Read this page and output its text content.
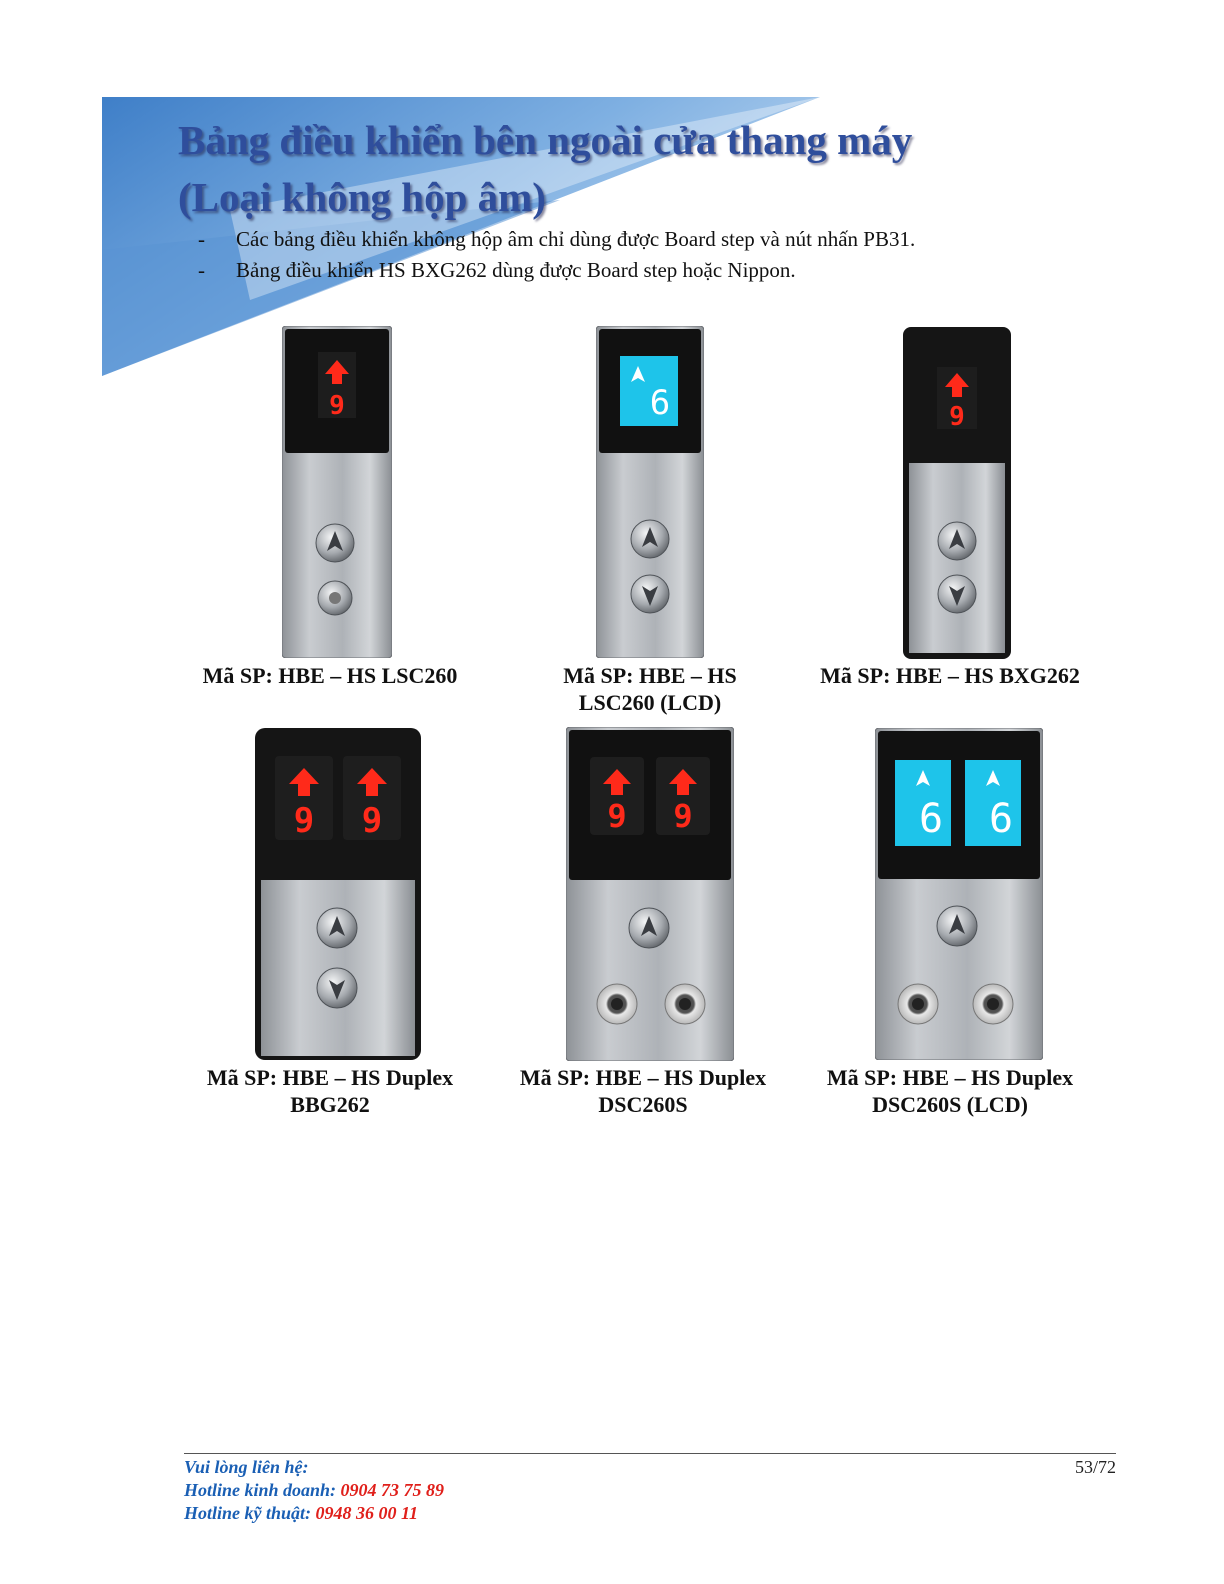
Bảng điều khiển bên ngoài cửa thang máy
(Loại không hộp âm)
- Các bảng điều khiển không hộp âm chỉ dùng được Board step và nút nhấn PB31.
- Bảng điều khiển HS BXG262 dùng được Board step hoặc Nippon.
9
Mã SP: HBE – HS LSC260
6
Mã SP: HBE – HS
LSC260 (LCD)
9
Mã SP: HBE – HS BXG262
9 9
Mã SP: HBE – HS Duplex
BBG262
9 9
Mã SP: HBE – HS Duplex
DSC260S
6 6
Mã SP: HBE – HS Duplex
DSC260S (LCD)
Vui lòng liên hệ:
Hotline kinh doanh: 0904 73 75 89
Hotline kỹ thuật: 0948 36 00 11
53/72
